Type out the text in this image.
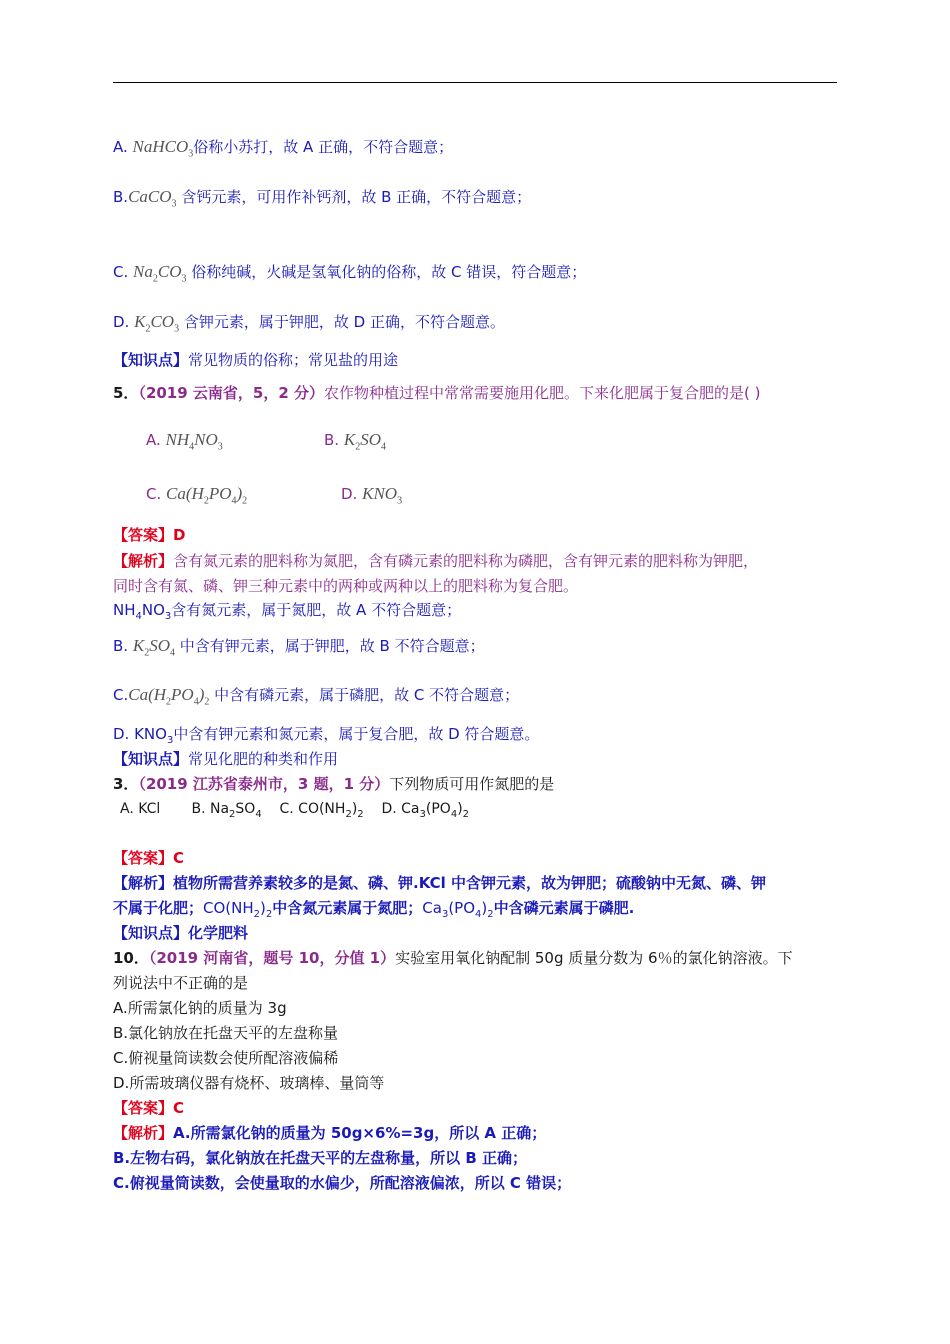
A. NaHCO$_3$俗称小苏打，故 A 正确，不符合题意；
B.CaCO$_3$ 含钙元素，可用作补钙剂，故 B 正确，不符合题意；
C. $Na_2CO_3$ 俗称纯碱，火碱是氢氧化钠的俗称，故 C 错误，符合题意；
D. $K_2CO_3$ 含钾元素，属于钾肥，故 D 正确，不符合题意。
【知识点】常见物质的俗称；常见盐的用途
5．（2019 云南省，5，2 分）农作物种植过程中常常需要施用化肥。下来化肥属于复合肥的是( )
A. $NH_4NO_3$	B. $K_2SO_4$
C. $Ca(H_2PO_4)_2$	D. $KNO_3$
【答案】D
【解析】含有氮元素的肥料称为氮肥，含有磷元素的肥料称为磷肥，含有钾元素的肥料称为钾肥，
同时含有氮、磷、钾三种元素中的两种或两种以上的肥料称为复合肥。
$NH_4NO_3$含有氮元素，属于氮肥，故 A 不符合题意；
B. $K_2SO_4$ 中含有钾元素，属于钾肥，故 B 不符合题意；
$C.Ca(H_2PO_4)_2$ 中含有磷元素，属于磷肥，故 C 不符合题意；
D. $KNO_3$中含有钾元素和氮元素，属于复合肥，故 D 符合题意。
【知识点】常见化肥的种类和作用
3．（2019 江苏省泰州市，3 题，1 分）下列物质可用作氮肥的是
A. KCl B. $Na_2SO_4$ C. $CO(NH_2)_2$ D. $Ca_3(PO_4)_2$
【答案】C
【解析】植物所需营养素较多的是氮、磷、钾.KCl 中含钾元素，故为钾肥；硫酸钠中无氮、磷、钾
不属于化肥；$CO(NH_2)_2$中含氮元素属于氮肥；$Ca_3(PO_4)_2$中含磷元素属于磷肥.
【知识点】化学肥料
10．（2019 河南省，题号 10，分值 1）实验室用氧化钠配制 50g 质量分数为 6％的氯化钠溶液。下
列说法中不正确的是
A.所需氯化钠的质量为 3g
B.氯化钠放在托盘天平的左盘称量
C.俯视量筒读数会使所配溶液偏稀
D.所需玻璃仪器有烧杯、玻璃棒、量筒等
【答案】C
【解析】A.所需氯化钠的质量为 50g×6%=3g，所以 A 正确；
B.左物右码，氯化钠放在托盘天平的左盘称量，所以 B 正确；
C.俯视量筒读数，会使量取的水偏少，所配溶液偏浓，所以 C 错误；
